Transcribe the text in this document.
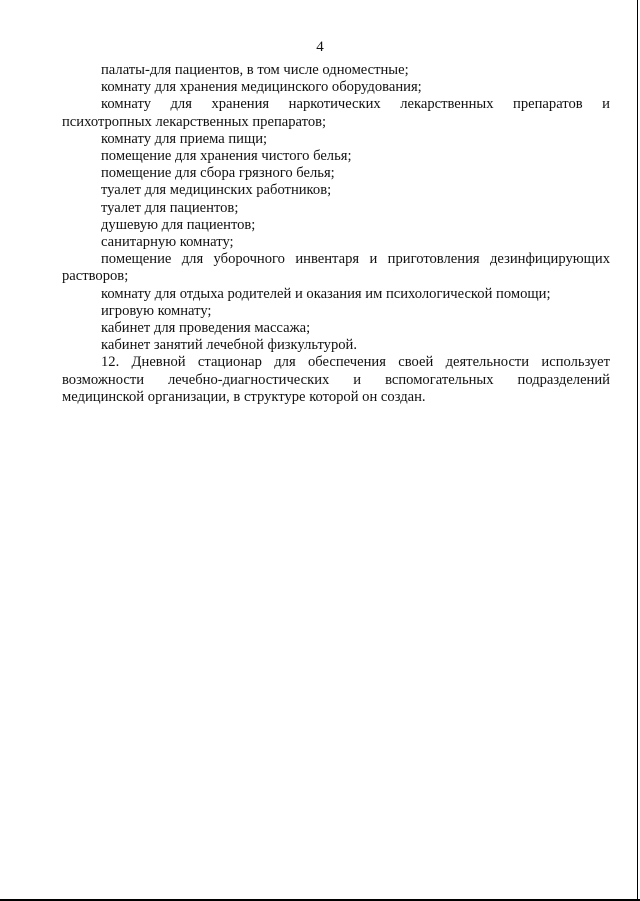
4
палаты-для пациентов, в том числе одноместные;
комнату для хранения медицинского оборудования;
комнату для хранения наркотических лекарственных препаратов и
психотропных лекарственных препаратов;
комнату для приема пищи;
помещение для хранения чистого белья;
помещение для сбора грязного белья;
туалет для медицинских работников;
туалет для пациентов;
душевую для пациентов;
санитарную комнату;
помещение для уборочного инвентаря и приготовления дезинфицирующих
растворов;
комнату для отдыха родителей и оказания им психологической помощи;
игровую комнату;
кабинет для проведения массажа;
кабинет занятий лечебной физкультурой.
12. Дневной стационар для обеспечения своей деятельности использует
возможности лечебно-диагностических и вспомогательных подразделений
медицинской организации, в структуре которой он создан.
